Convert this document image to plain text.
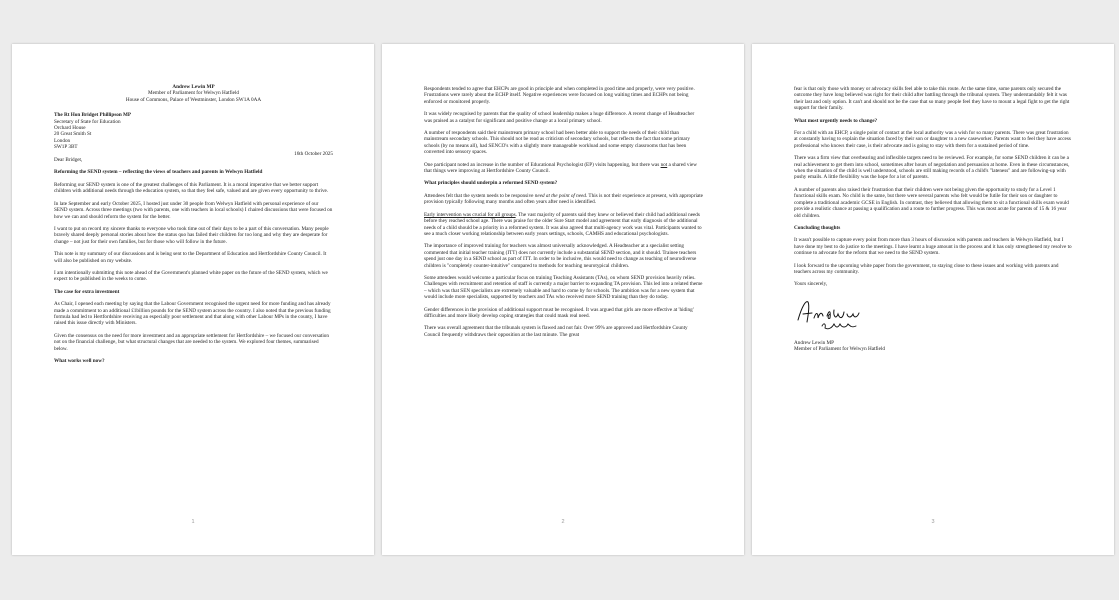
Andrew Lewin MP
Member of Parliament for Welwyn Hatfield
House of Commons, Palace of Westminster, London SW1A 0AA
The Rt Hon Bridget Phillipson MP
Secretary of State for Education
Orchard House
20 Great Smith St
London
SW1P 3BT
16th October 2025

Dear Bridget,

Reforming the SEND system – reflecting the views of teachers and parents in Welwyn Hatfield

Reforming our SEND system is one of the greatest challenges of this Parliament. It is a moral imperative that we better support children with additional needs through the education system, so that they feel safe, valued and are given every opportunity to thrive.

In late September and early October 2025, I hosted just under 30 people from Welwyn Hatfield with personal experience of our SEND system. Across three meetings (two with parents, one with teachers in local schools) I chaired discussions that were focused on how we can and should reform the system for the better.

I want to put on record my sincere thanks to everyone who took time out of their days to be a part of this conversation. Many people bravely shared deeply personal stories about how the status quo has failed their children for too long and why they are desperate for change – not just for their own families, but for those who will follow in the future.

This note is my summary of our discussions and is being sent to the Department of Education and Hertfordshire County Council. It will also be published on my website.

I am intentionally submitting this note ahead of the Government's planned white paper on the future of the SEND system, which we expect to be published in the weeks to come.

The case for extra investment

As Chair, I opened each meeting by saying that the Labour Government recognised the urgent need for more funding and has already made a commitment to an additional £1billion pounds for the SEND system across the country. I also noted that the previous funding formula had led to Hertfordshire receiving an especially poor settlement and that along with other Labour MPs in the county, I have raised this issue directly with Ministers.

Given the consensus on the need for more investment and an appropriate settlement for Hertfordshire – we focused our conversation not on the financial challenge, but what structural changes that are needed to the system. We explored four themes, summarised below.

What works well now?

1

Respondents tended to agree that EHCPs are good in principle and when completed in good time and properly, were very positive. Frustrations were rarely about the ECHP itself. Negative experiences were focused on long waiting times and ECHPs not being enforced or monitored properly.

It was widely recognised by parents that the quality of school leadership makes a huge difference. A recent change of Headteacher was praised as a catalyst for significant and positive change at a local primary school.

A number of respondents said their mainstream primary school had been better able to support the needs of their child than mainstream secondary schools. This should not be read as criticism of secondary schools, but reflects the fact that some primary schools (by no means all), had SENCO's with a slightly more manageable workload and some empty classrooms that has been converted into sensory spaces.

One participant noted an increase in the number of Educational Psychologist (EP) visits happening, but there was not a shared view that things were improving at Hertfordshire County Council.

What principles should underpin a reformed SEND system?

Attendees felt that the system needs to be responsive need at the point of need. This is not their experience at present, with appropriate provision typically following many months and often years after need is identified.

Early intervention was crucial for all groups. The vast majority of parents said they knew or believed their child had additional needs before they reached school age. There was praise for the older Sure Start model and agreement that early diagnosis of the additional needs of a child should be a priority in a reformed system. It was also agreed that multi-agency work was vital. Participants wanted to see a much closer working relationship between early years settings, schools, CAMHS and educational psychologists.

The importance of improved training for teachers was almost universally acknowledged. A Headteacher at a specialist setting commented that initial teacher training (ITT) does not currently include a substantial SEND section, and it should. Trainee teachers spend just one day in a SEND school as part of ITT. In order to be inclusive, this would need to change as teaching of neurodiverse children is "completely counter-intuitive" compared to methods for teaching neurotypical children.

Some attendees would welcome a particular focus on training Teaching Assistants (TAs), on whom SEND provision heavily relies. Challenges with recruitment and retention of staff is currently a major barrier to expanding TA provision. This led into a related theme – which was that SEN specialists are extremely valuable and hard to come by for schools. The ambition was for a new system that would include more specialists, supported by teachers and TAs who received more SEND training than they do today.

Gender differences in the provision of additional support must be recognised. It was argued that girls are more effective at 'hiding' difficulties and more likely develop coping strategies that could mask real need.

There was overall agreement that the tribunals system is flawed and not fair. Over 99% are approved and Hertfordshire County Council frequently withdraws their opposition at the last minute. The great

2

fear is that only those with money or advocacy skills feel able to take this route. At the same time, some parents only secured the outcome they have long believed was right for their child after battling through the tribunal system. They understandably felt it was their last and only option. It can't and should not be the case that so many people feel they have to mount a legal fight to get the right support for their family.

What most urgently needs to change?

For a child with an EHCP, a single point of contact at the local authority was a wish for so many parents. There was great frustration at constantly having to explain the situation faced by their son or daughter to a new caseworker. Parents want to feel they have access professional who knows their case, is their advocate and is going to stay with them for a sustained period of time.

There was a firm view that overbearing and inflexible targets need to be reviewed. For example, for some SEND children it can be a real achievement to get them into school, sometimes after hours of negotiation and persuasion at home. Even in these circumstances, when the situation of the child is well understood, schools are still making records of a child's "lateness" and are following-up with pushy emails. A little flexibility was the hope for a lot of parents.

A number of parents also raised their frustration that their children were not being given the opportunity to study for a Level 1 functional skills exam. No child is the same, but there were several parents who felt would be futile for their son or daughter to complete a traditional academic GCSE in English. In contrast, they believed that allowing them to sit a functional skills exam would provide a realistic chance at passing a qualification and a route to further progress. This was most acute for parents of 15 & 16 year old children.

Concluding thoughts

It wasn't possible to capture every point from more than 3 hours of discussion with parents and teachers in Welwyn Hatfield, but I have done my best to do justice to the meetings. I have learnt a huge amount in the process and it has only strengthened my resolve to continue to advocate for the reform that we need to the SEND system.

I look forward to the upcoming white paper from the government, to staying close to these issues and working with parents and teachers across my community.

Yours sincerely,

Andrew Lewin MP
Member of Parliament for Welwyn Hatfield
3
